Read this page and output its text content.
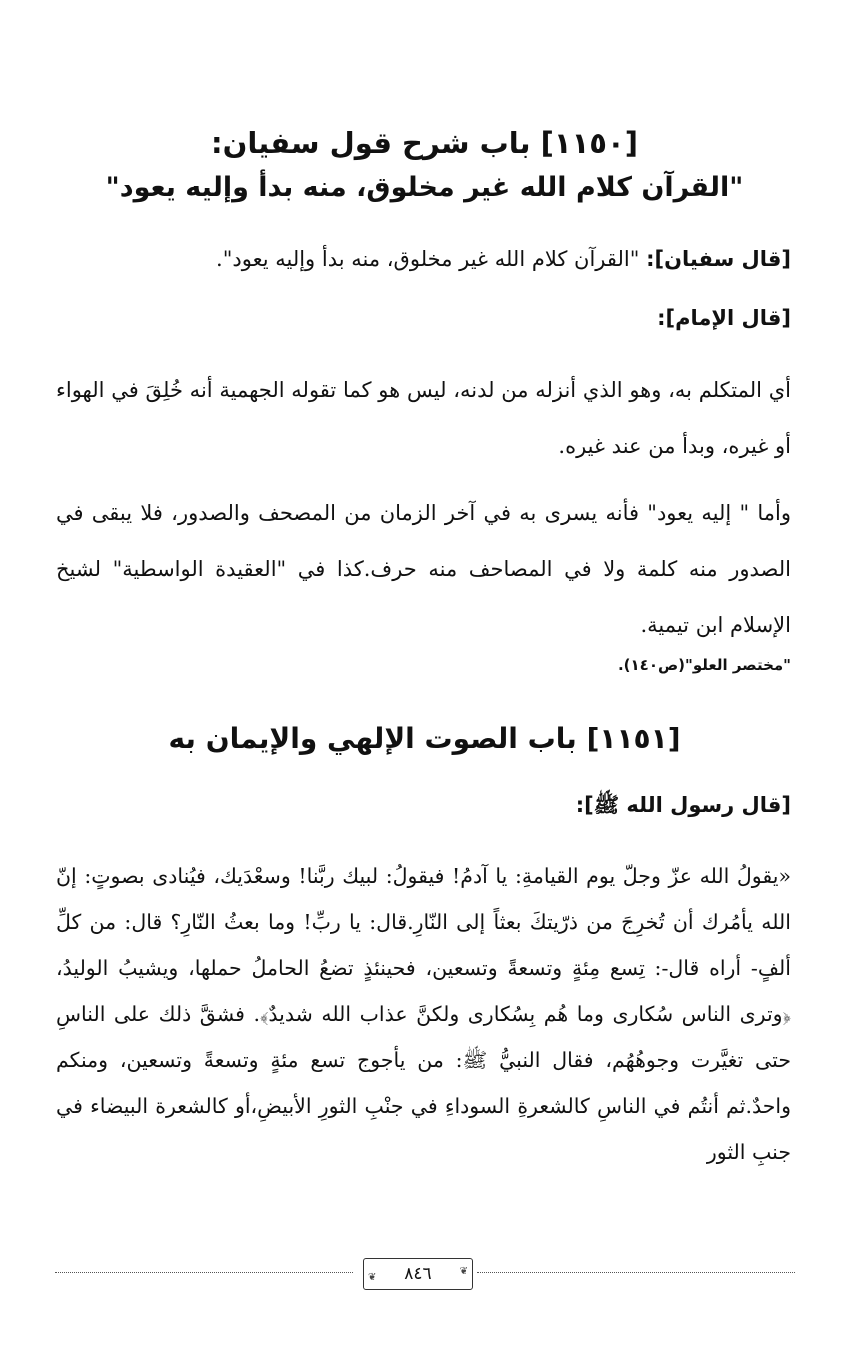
[١١٥٠] باب شرح قول سفيان:
"القرآن كلام الله غير مخلوق، منه بدأ وإليه يعود"
[قال سفيان]: "القرآن كلام الله غير مخلوق، منه بدأ وإليه يعود".
[قال الإمام]:
أي المتكلم به، وهو الذي أنزله من لدنه، ليس هو كما تقوله الجهمية أنه خُلِقَ في الهواء أو غيره، وبدأ من عند غيره.
وأما " إليه يعود" فأنه يسرى به في آخر الزمان من المصحف والصدور، فلا يبقى في الصدور منه كلمة ولا في المصاحف منه حرف.كذا في "العقيدة الواسطية" لشيخ الإسلام ابن تيمية.
"مختصر العلو"(ص١٤٠).
[١١٥١] باب الصوت الإلهي والإيمان به
[قال رسول الله ﷺ]:
«يقولُ الله عزّ وجلّ يوم القيامةِ: يا آدمُ! فيقولُ: لبيك ربَّنا! وسعْدَيك، فيُنادى بصوتٍ: إنّ الله يأمُرك أن تُخرِجَ من ذرّيتكَ بعثاً إلى النّارِ.قال: يا ربِّ! وما بعثُ النّارِ؟ قال: من كلِّ ألفٍ- أراه قال-: تِسع مِئةٍ وتسعةً وتسعين، فحينئذٍ تضعُ الحاملُ حملها، ويشيبُ الوليدُ، ﴿وترى الناس سُكارى وما هُم بِسُكارى ولكنَّ عذاب الله شديدٌ﴾. فشقَّ ذلك على الناسِ حتى تغيَّرت وجوهُهُم، فقال النبيُّ ﷺ: من يأجوج تسع مئةٍ وتسعةً وتسعين، ومنكم واحدٌ.ثم أنتُم في الناسِ كالشعرةِ السوداءِ في جنْبِ الثورِ الأبيضِ،أو كالشعرة البيضاء في جنبِ الثور
❦
❦ ٨٤٦
